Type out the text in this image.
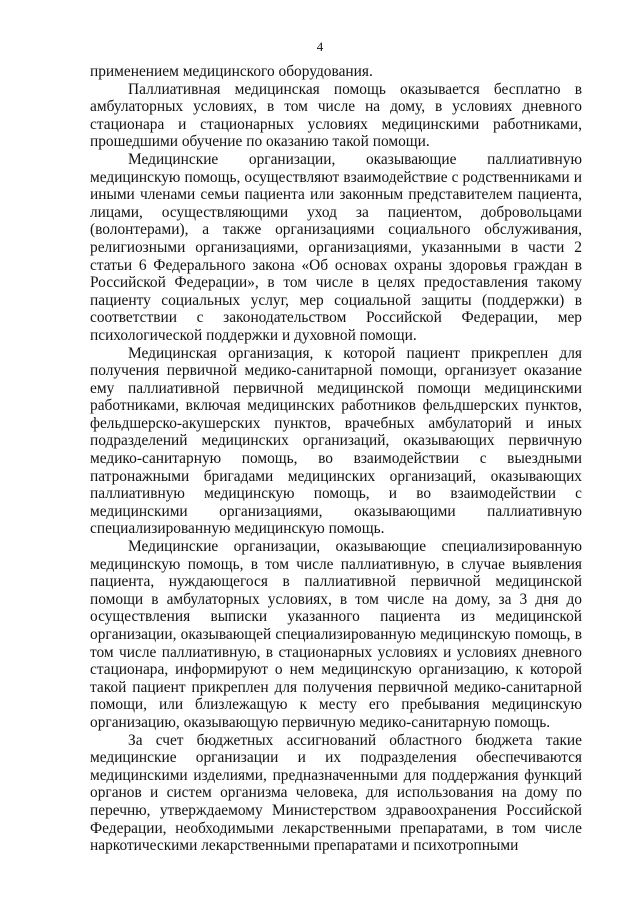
4

применением медицинского оборудования.

Паллиативная медицинская помощь оказывается бесплатно в амбулаторных условиях, в том числе на дому, в условиях дневного стационара и стационарных условиях медицинскими работниками, прошедшими обучение по оказанию такой помощи.

Медицинские организации, оказывающие паллиативную медицинскую помощь, осуществляют взаимодействие с родственниками и иными членами семьи пациента или законным представителем пациента, лицами, осуществляющими уход за пациентом, добровольцами (волонтерами), а также организациями социального обслуживания, религиозными организациями, организациями, указанными в части 2 статьи 6 Федерального закона «Об основах охраны здоровья граждан в Российской Федерации», в том числе в целях предоставления такому пациенту социальных услуг, мер социальной защиты (поддержки) в соответствии с законодательством Российской Федерации, мер психологической поддержки и духовной помощи.

Медицинская организация, к которой пациент прикреплен для получения первичной медико-санитарной помощи, организует оказание ему паллиативной первичной медицинской помощи медицинскими работниками, включая медицинских работников фельдшерских пунктов, фельдшерско-акушерских пунктов, врачебных амбулаторий и иных подразделений медицинских организаций, оказывающих первичную медико-санитарную помощь, во взаимодействии с выездными патронажными бригадами медицинских организаций, оказывающих паллиативную медицинскую помощь, и во взаимодействии с медицинскими организациями, оказывающими паллиативную специализированную медицинскую помощь.

Медицинские организации, оказывающие специализированную медицинскую помощь, в том числе паллиативную, в случае выявления пациента, нуждающегося в паллиативной первичной медицинской помощи в амбулаторных условиях, в том числе на дому, за 3 дня до осуществления выписки указанного пациента из медицинской организации, оказывающей специализированную медицинскую помощь, в том числе паллиативную, в стационарных условиях и условиях дневного стационара, информируют о нем медицинскую организацию, к которой такой пациент прикреплен для получения первичной медико-санитарной помощи, или близлежащую к месту его пребывания медицинскую организацию, оказывающую первичную медико-санитарную помощь.

За счет бюджетных ассигнований областного бюджета такие медицинские организации и их подразделения обеспечиваются медицинскими изделиями, предназначенными для поддержания функций органов и систем организма человека, для использования на дому по перечню, утверждаемому Министерством здравоохранения Российской Федерации, необходимыми лекарственными препаратами, в том числе наркотическими лекарственными препаратами и психотропными
